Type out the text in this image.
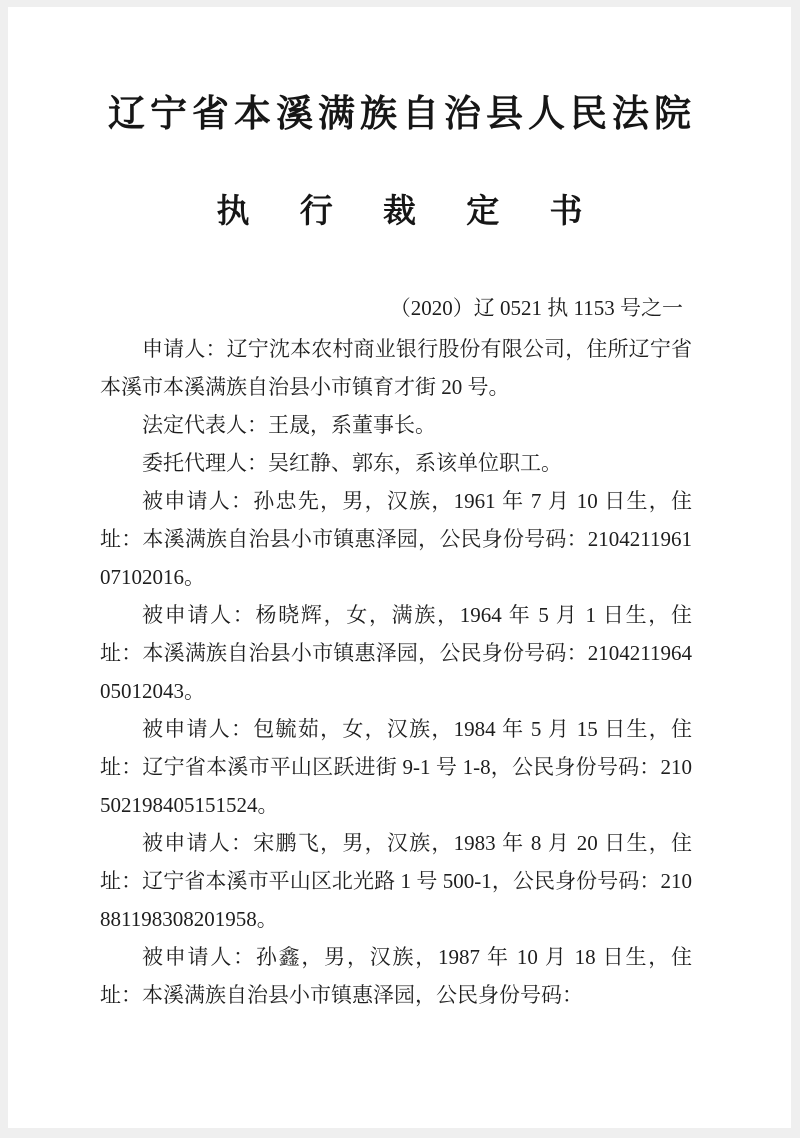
辽宁省本溪满族自治县人民法院
执 行 裁 定 书
（2020）辽 0521 执 1153 号之一

申请人：辽宁沈本农村商业银行股份有限公司，住所辽宁省本溪市本溪满族自治县小市镇育才街 20 号。

法定代表人：王晟，系董事长。

委托代理人：吴红静、郭东，系该单位职工。

被申请人：孙忠先，男，汉族，1961 年 7 月 10 日生，住址：本溪满族自治县小市镇惠泽园，公民身份号码：210421196107102016。

被申请人：杨晓辉，女，满族，1964 年 5 月 1 日生，住址：本溪满族自治县小市镇惠泽园，公民身份号码：210421196405012043。

被申请人：包毓茹，女，汉族，1984 年 5 月 15 日生，住址：辽宁省本溪市平山区跃进街 9-1 号 1-8，公民身份号码：210502198405151524。

被申请人：宋鹏飞，男，汉族，1983 年 8 月 20 日生，住址：辽宁省本溪市平山区北光路 1 号 500-1，公民身份号码：210881198308201958。

被申请人：孙鑫，男，汉族，1987 年 10 月 18 日生，住址：本溪满族自治县小市镇惠泽园，公民身份号码：
